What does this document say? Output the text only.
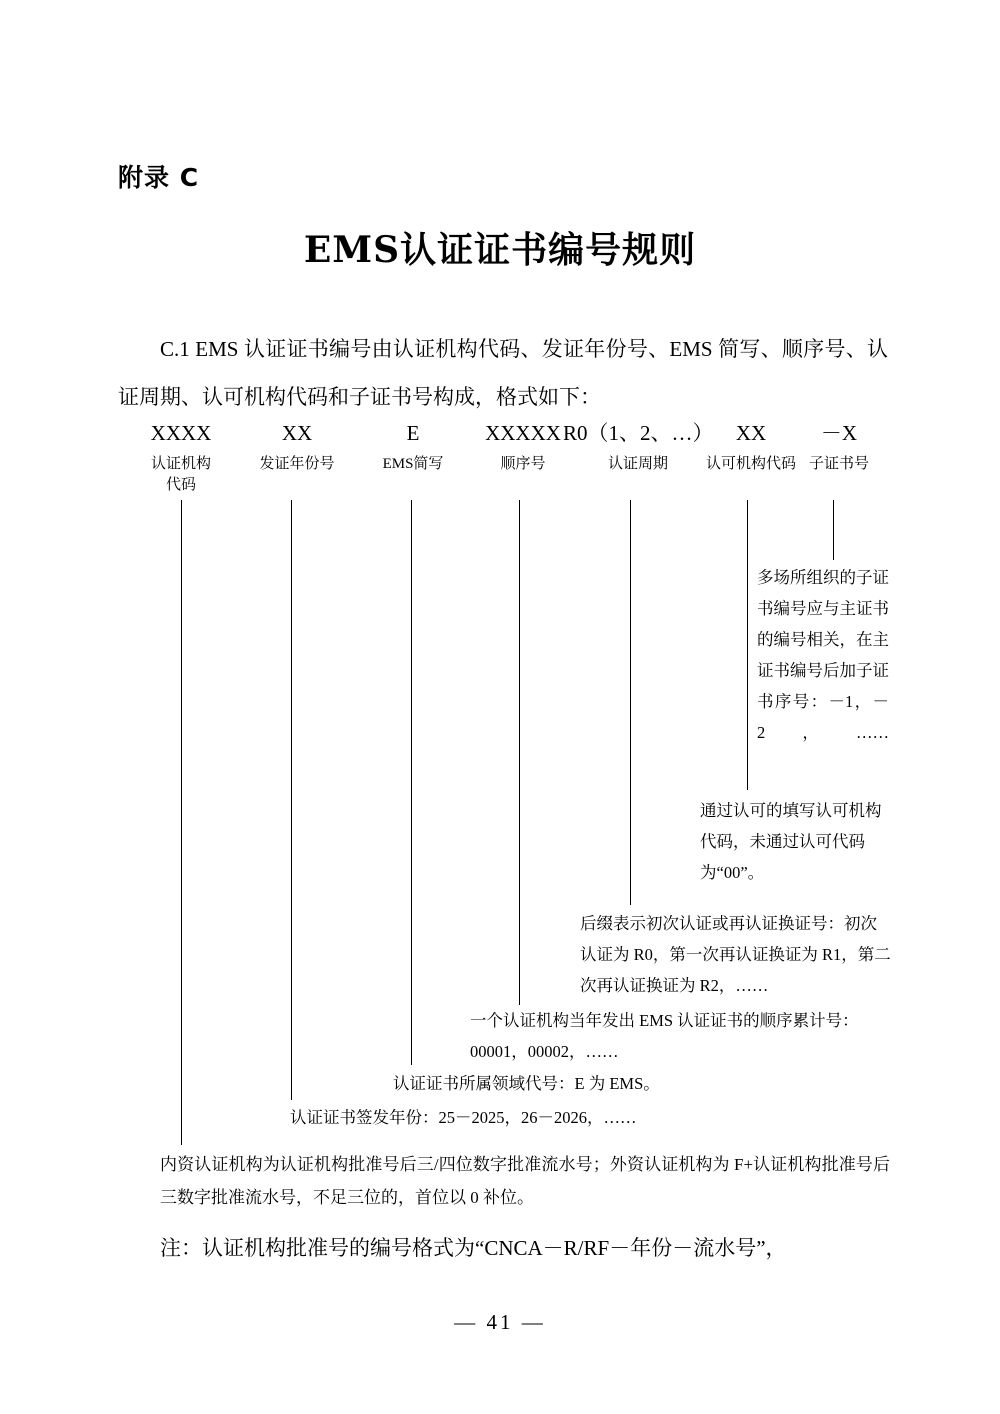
附录 C
EMS认证证书编号规则
C.1 EMS 认证证书编号由认证机构代码、发证年份号、EMS 简写、顺序号、认证周期、认可机构代码和子证书号构成，格式如下：
XXXX
认证机构
代码
XX
发证年份号
E
EMS简写
XXXXX
顺序号
R0（1、2、…）
认证周期
XX
认可机构代码
－X
子证书号
多场所组织的子证书编号应与主证书的编号相关，在主证书编号后加子证书序号：－1，－2，……
通过认可的填写认可机构代码，未通过认可代码为“00”。
后缀表示初次认证或再认证换证号：初次认证为 R0，第一次再认证换证为 R1，第二次再认证换证为 R2，……
一个认证机构当年发出 EMS 认证证书的顺序累计号：00001，00002，……
认证证书所属领域代号：E 为 EMS。
认证证书签发年份：25－2025，26－2026，……
内资认证机构为认证机构批准号后三/四位数字批准流水号；外资认证机构为 F+认证机构批准号后三数字批准流水号，不足三位的，首位以 0 补位。
注：认证机构批准号的编号格式为“CNCA－R/RF－年份－流水号”，
— 41 —
